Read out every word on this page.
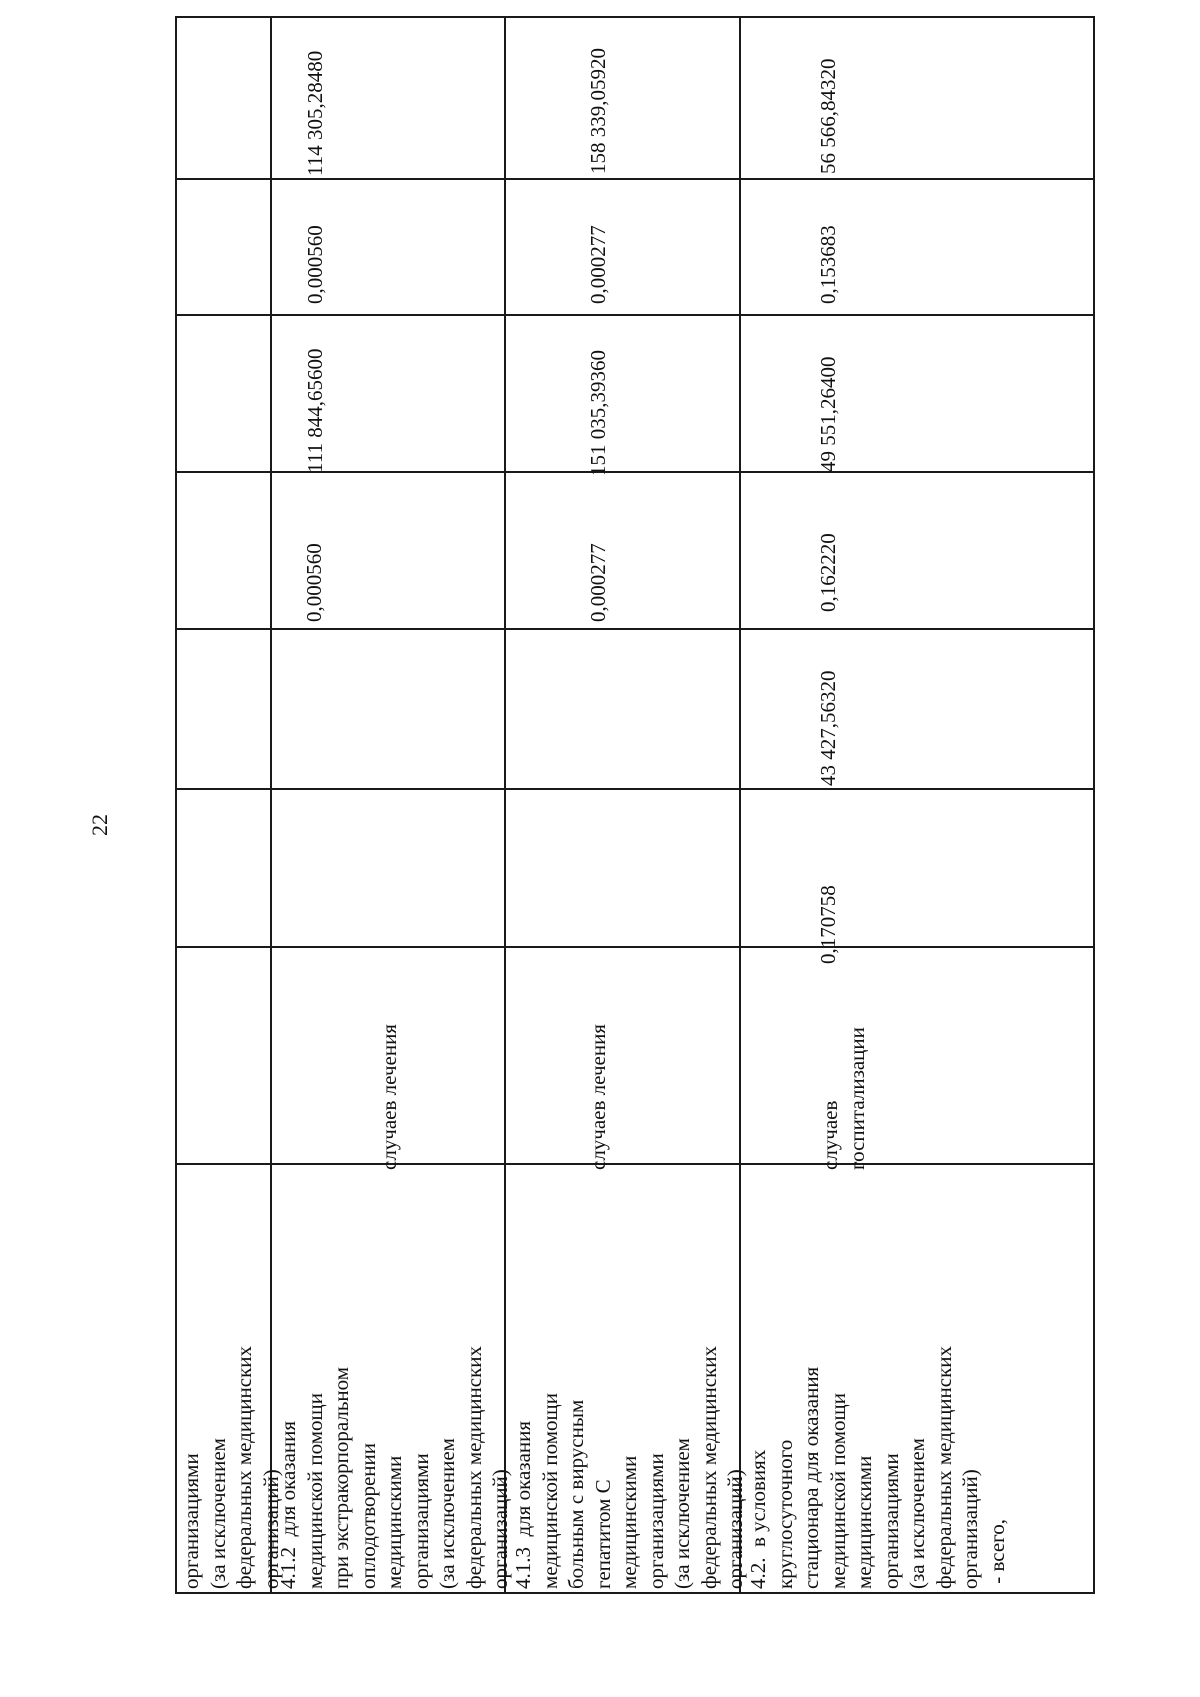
22
организациями
(за исключением
федеральных медицинских
организаций)
4.1.2  для оказания
медицинской помощи
при экстракорпоральном
оплодотворении
медицинскими
организациями
(за исключением
федеральных медицинских
организаций)
случаев лечения
0,000560
111 844,65600
0,000560
114 305,28480
4.1.3  для оказания
медицинской помощи
больным с вирусным
гепатитом С
медицинскими
организациями
(за исключением
федеральных медицинских
организаций)
случаев лечения
0,000277
151 035,39360
0,000277
158 339,05920
4.2.  в условиях
круглосуточного
стационара для оказания
медицинской помощи
медицинскими
организациями
(за исключением
федеральных медицинских
организаций)
- всего,
случаев
госпитализации
0,170758
43 427,56320
0,162220
49 551,26400
0,153683
56 566,84320
